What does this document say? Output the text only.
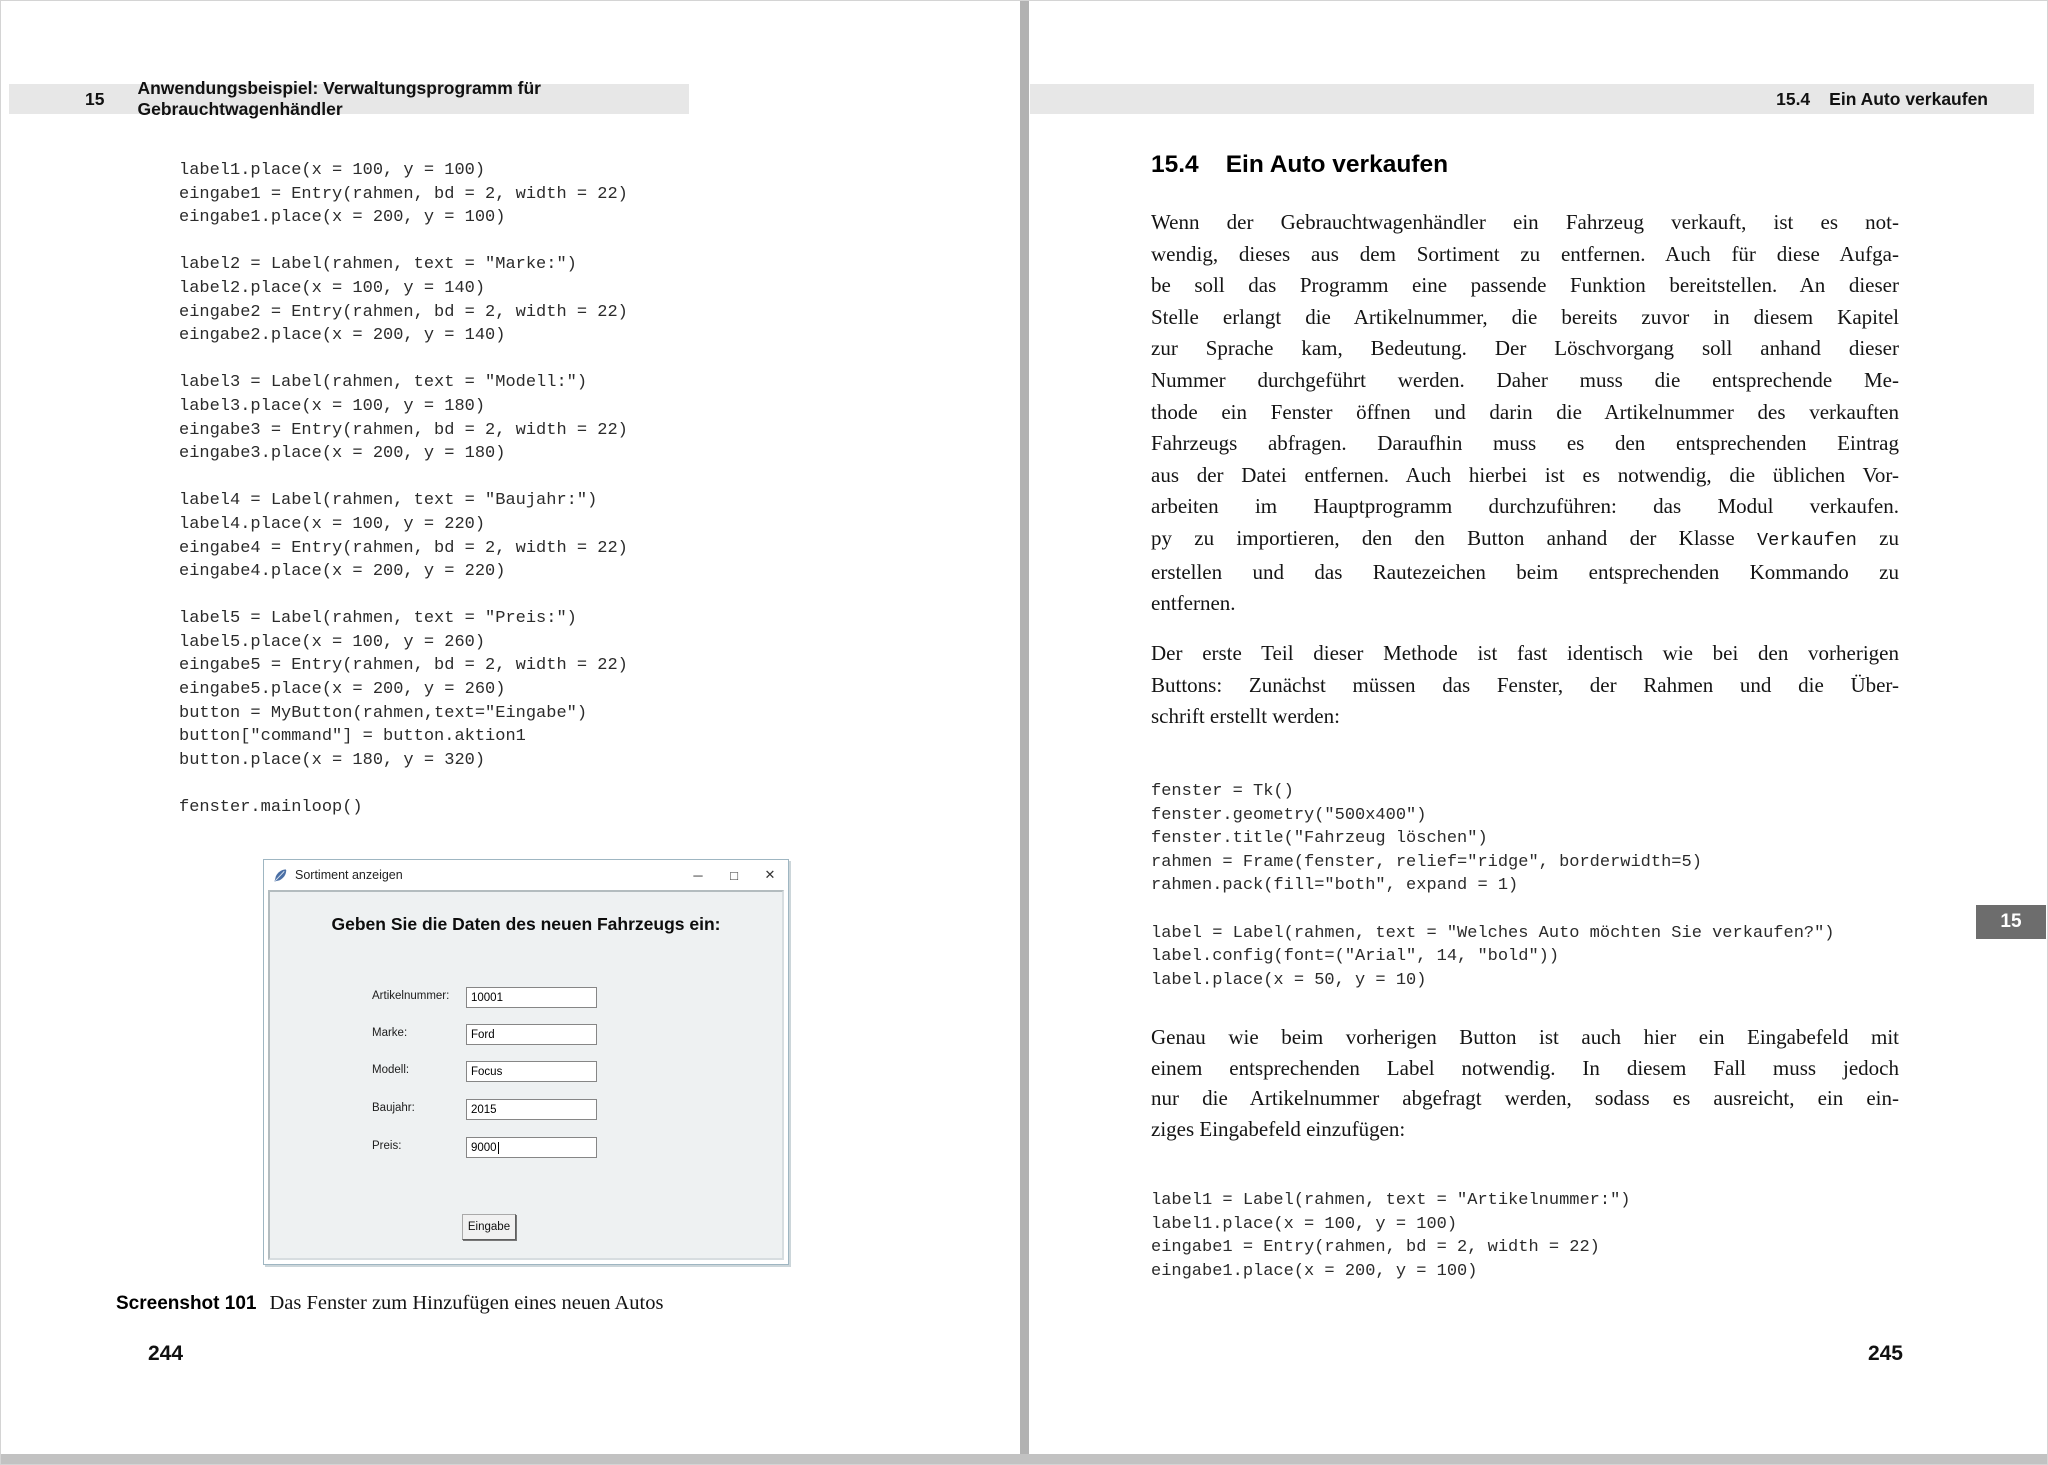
15
Anwendungsbeispiel: Verwaltungsprogramm für Gebrauchtwagenhändler
label1.place(x = 100, y = 100)
eingabe1 = Entry(rahmen, bd = 2, width = 22)
eingabe1.place(x = 200, y = 100)

label2 = Label(rahmen, text = "Marke:")
label2.place(x = 100, y = 140)
eingabe2 = Entry(rahmen, bd = 2, width = 22)
eingabe2.place(x = 200, y = 140)

label3 = Label(rahmen, text = "Modell:")
label3.place(x = 100, y = 180)
eingabe3 = Entry(rahmen, bd = 2, width = 22)
eingabe3.place(x = 200, y = 180)

label4 = Label(rahmen, text = "Baujahr:")
label4.place(x = 100, y = 220)
eingabe4 = Entry(rahmen, bd = 2, width = 22)
eingabe4.place(x = 200, y = 220)

label5 = Label(rahmen, text = "Preis:")
label5.place(x = 100, y = 260)
eingabe5 = Entry(rahmen, bd = 2, width = 22)
eingabe5.place(x = 200, y = 260)
button = MyButton(rahmen,text="Eingabe")
button["command"] = button.aktion1
button.place(x = 180, y = 320)

fenster.mainloop()
Sortiment anzeigen	─	□	✕
Geben Sie die Daten des neuen Fahrzeugs ein:
Artikelnummer: 10001
Marke:	Ford
Modell:	Focus
Baujahr:	2015
Preis:	9000
Eingabe
Screenshot 101 Das Fenster zum Hinzufügen eines neuen Autos
244
15.4 Ein Auto verkaufen
15.4 Ein Auto verkaufen
Wenn der Gebrauchtwagenhändler ein Fahrzeug verkauft, ist es not-
wendig, dieses aus dem Sortiment zu entfernen. Auch für diese Aufga-
be soll das Programm eine passende Funktion bereitstellen. An dieser
Stelle erlangt die Artikelnummer, die bereits zuvor in diesem Kapitel
zur Sprache kam, Bedeutung. Der Löschvorgang soll anhand dieser
Nummer durchgeführt werden. Daher muss die entsprechende Me-
thode ein Fenster öffnen und darin die Artikelnummer des verkauften
Fahrzeugs abfragen. Daraufhin muss es den entsprechenden Eintrag
aus der Datei entfernen. Auch hierbei ist es notwendig, die üblichen Vor-
arbeiten im Hauptprogramm durchzuführen: das Modul verkaufen.
py zu importieren, den den Button anhand der Klasse Verkaufen zu
erstellen und das Rautezeichen beim entsprechenden Kommando zu
entfernen.
Der erste Teil dieser Methode ist fast identisch wie bei den vorherigen
Buttons: Zunächst müssen das Fenster, der Rahmen und die Über-
schrift erstellt werden:
fenster = Tk()
fenster.geometry("500x400")
fenster.title("Fahrzeug löschen")
rahmen = Frame(fenster, relief="ridge", borderwidth=5)
rahmen.pack(fill="both", expand = 1)

label = Label(rahmen, text = "Welches Auto möchten Sie verkaufen?")
label.config(font=("Arial", 14, "bold"))
label.place(x = 50, y = 10)
Genau wie beim vorherigen Button ist auch hier ein Eingabefeld mit
einem entsprechenden Label notwendig. In diesem Fall muss jedoch
nur die Artikelnummer abgefragt werden, sodass es ausreicht, ein ein-
ziges Eingabefeld einzufügen:
label1 = Label(rahmen, text = "Artikelnummer:")
label1.place(x = 100, y = 100)
eingabe1 = Entry(rahmen, bd = 2, width = 22)
eingabe1.place(x = 200, y = 100)
15
245
